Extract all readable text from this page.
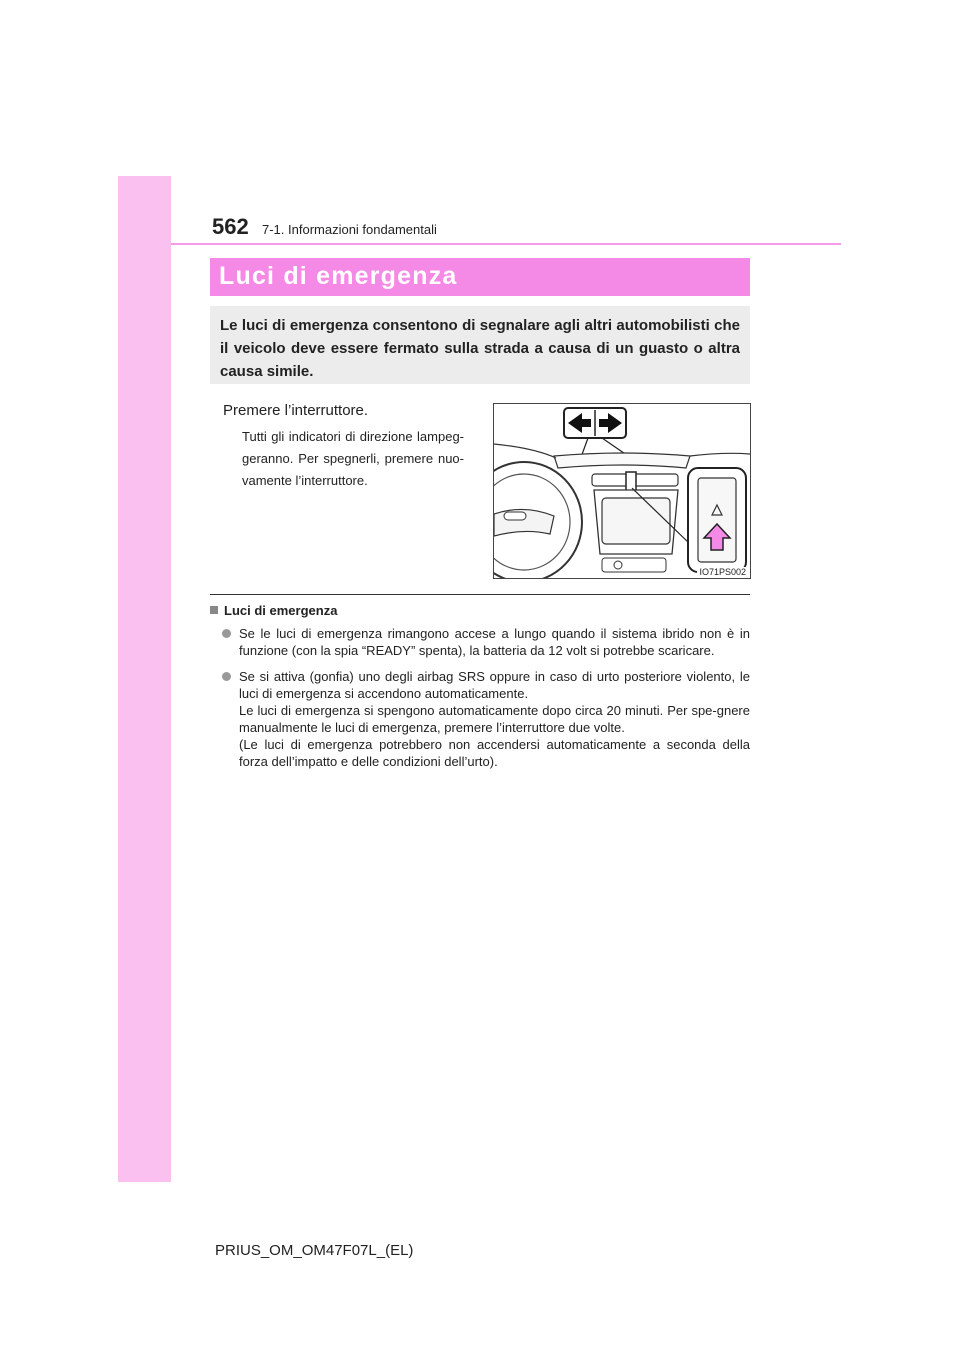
562 7-1. Informazioni fondamentali
Luci di emergenza

Le luci di emergenza consentono di segnalare agli altri automobilisti che il veicolo deve essere fermato sulla strada a causa di un guasto o altra causa simile.

Premere l’interruttore.

Tutti gli indicatori di direzione lampeg-geranno. Per spegnerli, premere nuo-vamente l’interruttore.

IO71PS002
Luci di emergenza
Se le luci di emergenza rimangono accese a lungo quando il sistema ibrido non è in funzione (con la spia “READY” spenta), la batteria da 12 volt si potrebbe scaricare.
Se si attiva (gonfia) uno degli airbag SRS oppure in caso di urto posteriore violento, le luci di emergenza si accendono automaticamente.
Le luci di emergenza si spengono automaticamente dopo circa 20 minuti. Per spe-gnere manualmente le luci di emergenza, premere l’interruttore due volte.
(Le luci di emergenza potrebbero non accendersi automaticamente a seconda della forza dell’impatto e delle condizioni dell’urto).
PRIUS_OM_OM47F07L_(EL)
